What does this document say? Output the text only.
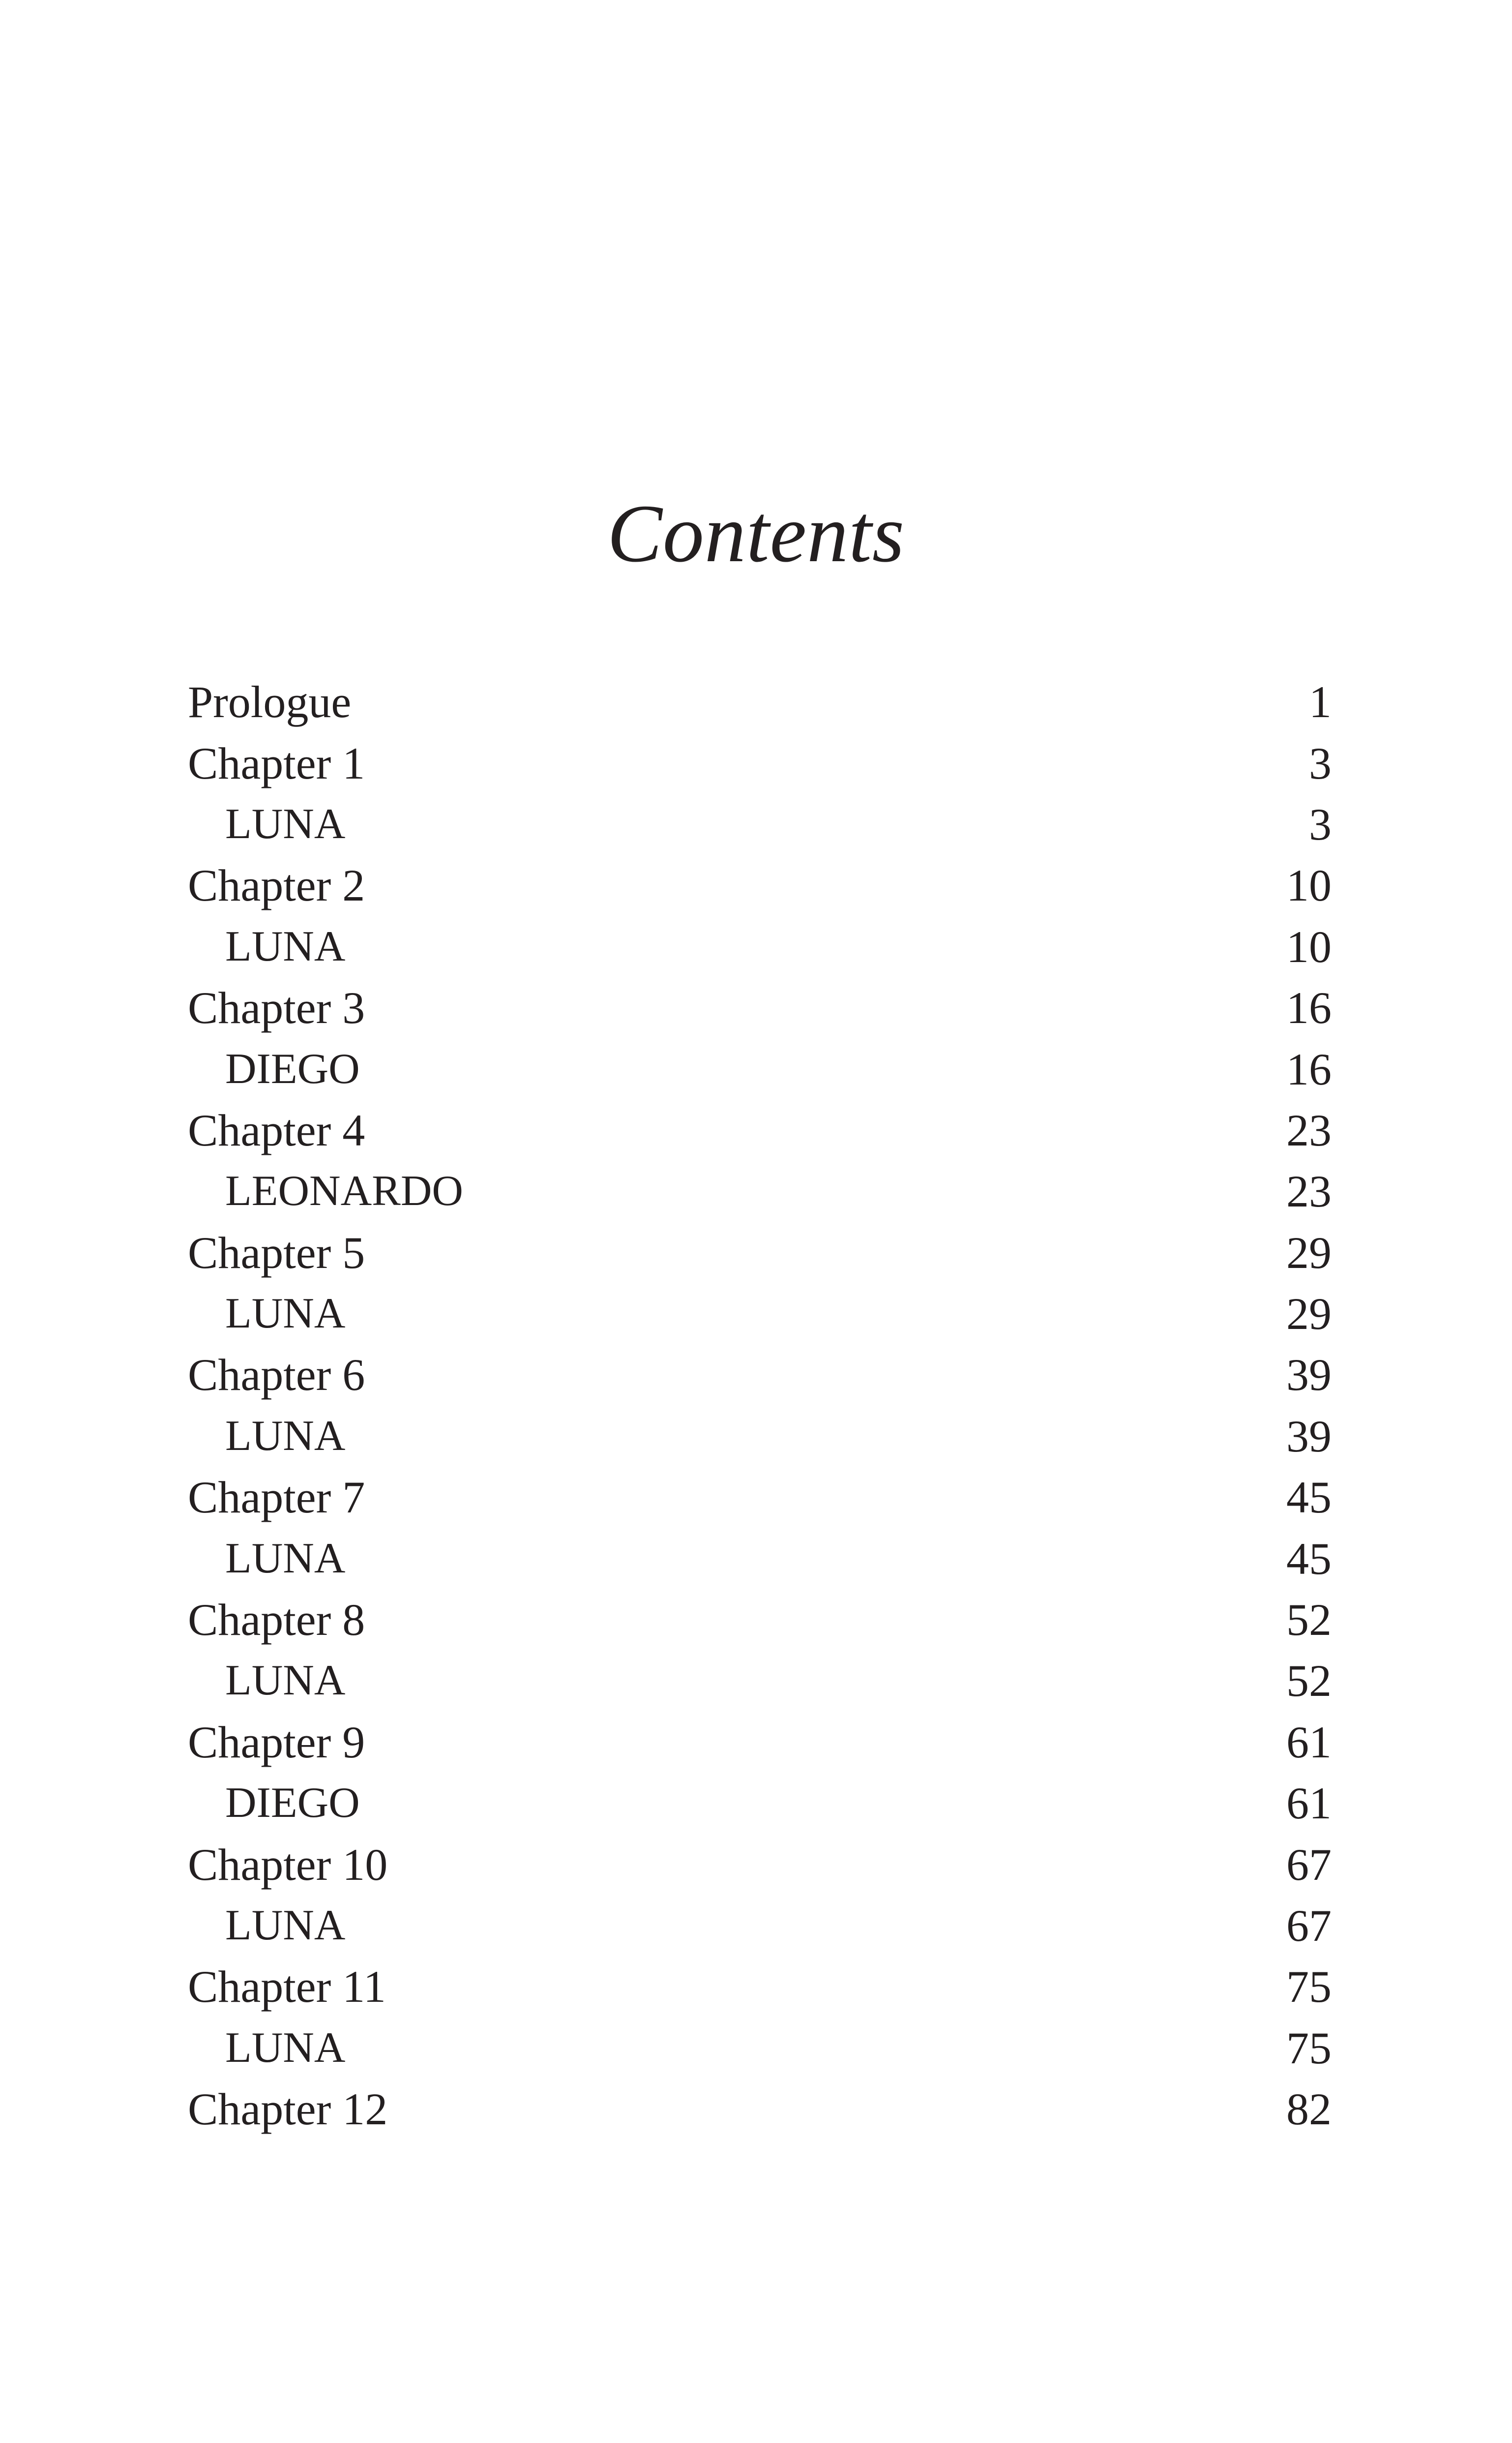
Contents
Prologue	1
Chapter 1	3
LUNA	3
Chapter 2	10
LUNA	10
Chapter 3	16
DIEGO	16
Chapter 4	23
LEONARDO	23
Chapter 5	29
LUNA	29
Chapter 6	39
LUNA	39
Chapter 7	45
LUNA	45
Chapter 8	52
LUNA	52
Chapter 9	61
DIEGO	61
Chapter 10	67
LUNA	67
Chapter 11	75
LUNA	75
Chapter 12	82
